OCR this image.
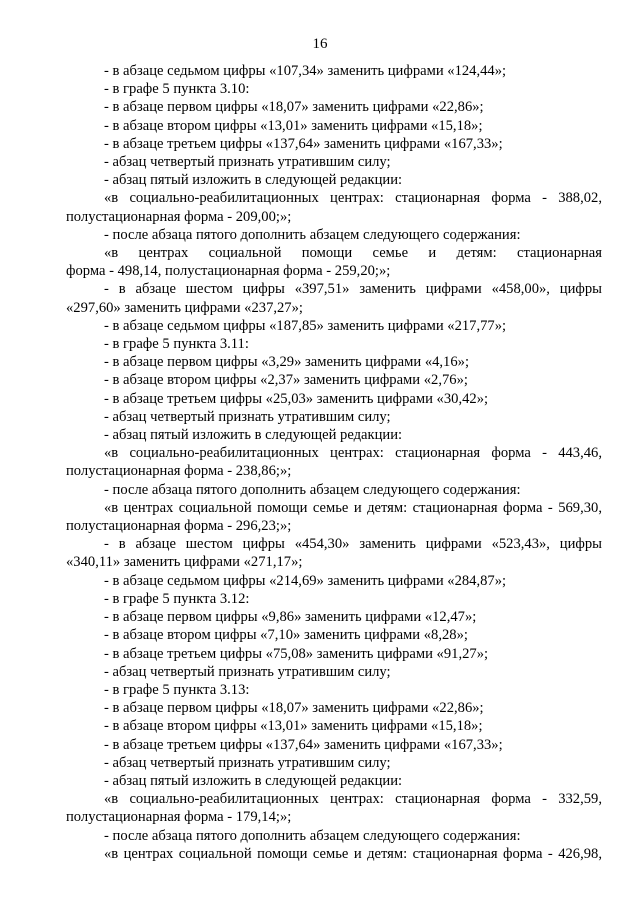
16
- в абзаце седьмом цифры «107,34» заменить цифрами «124,44»;
- в графе 5 пункта 3.10:
- в абзаце первом цифры «18,07» заменить цифрами «22,86»;
- в абзаце втором цифры «13,01» заменить цифрами «15,18»;
- в абзаце третьем цифры «137,64» заменить цифрами «167,33»;
- абзац четвертый признать утратившим силу;
- абзац пятый изложить в следующей редакции:
«в социально-реабилитационных центрах: стационарная форма - 388,02,
полустационарная форма - 209,00;»;
- после абзаца пятого дополнить абзацем следующего содержания:
«в центрах социальной помощи семье и детям: стационарная
форма - 498,14, полустационарная форма - 259,20;»;
- в абзаце шестом цифры «397,51» заменить цифрами «458,00», цифры
«297,60» заменить цифрами «237,27»;
- в абзаце седьмом цифры «187,85» заменить цифрами «217,77»;
- в графе 5 пункта 3.11:
- в абзаце первом цифры «3,29» заменить цифрами «4,16»;
- в абзаце втором цифры «2,37» заменить цифрами «2,76»;
- в абзаце третьем цифры «25,03» заменить цифрами «30,42»;
- абзац четвертый признать утратившим силу;
- абзац пятый изложить в следующей редакции:
«в социально-реабилитационных центрах: стационарная форма - 443,46,
полустационарная форма - 238,86;»;
- после абзаца пятого дополнить абзацем следующего содержания:
«в центрах социальной помощи семье и детям: стационарная форма - 569,30,
полустационарная форма - 296,23;»;
- в абзаце шестом цифры «454,30» заменить цифрами «523,43», цифры
«340,11» заменить цифрами «271,17»;
- в абзаце седьмом цифры «214,69» заменить цифрами «284,87»;
- в графе 5 пункта 3.12:
- в абзаце первом цифры «9,86» заменить цифрами «12,47»;
- в абзаце втором цифры «7,10» заменить цифрами «8,28»;
- в абзаце третьем цифры «75,08» заменить цифрами «91,27»;
- абзац четвертый признать утратившим силу;
- в графе 5 пункта 3.13:
- в абзаце первом цифры «18,07» заменить цифрами «22,86»;
- в абзаце втором цифры «13,01» заменить цифрами «15,18»;
- в абзаце третьем цифры «137,64» заменить цифрами «167,33»;
- абзац четвертый признать утратившим силу;
- абзац пятый изложить в следующей редакции:
«в социально-реабилитационных центрах: стационарная форма - 332,59,
полустационарная форма - 179,14;»;
- после абзаца пятого дополнить абзацем следующего содержания:
«в центрах социальной помощи семье и детям: стационарная форма - 426,98,
